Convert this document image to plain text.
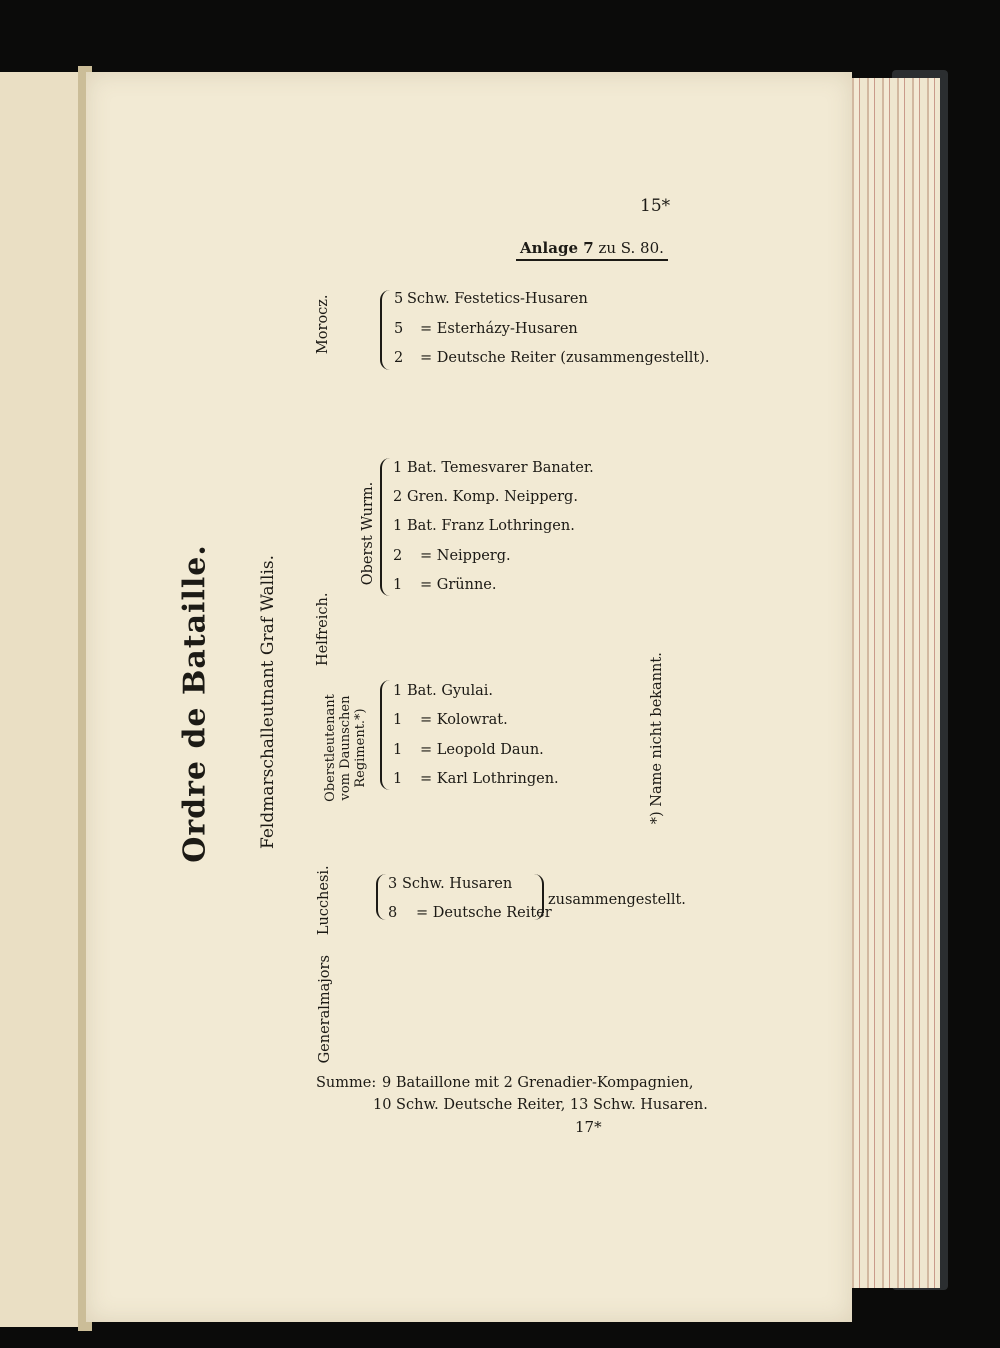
15*
Anlage 7 zu S. 80.
Ordre de Bataille.	Feldmarschalleutnant Graf Wallis.
Morocz.	5 Schw. Festetics-Husaren
5 = Esterházy-Husaren
2 = Deutsche Reiter (zusammengestellt).
Helfreich.
Oberst Wurm.
1 Bat. Temesvarer Banater.
2 Gren. Komp. Neipperg.
1 Bat. Franz Lothringen.
2 = Neipperg.
1 = Grünne.
Oberstleutenant vom Daunschen Regiment.*)
1 Bat. Gyulai.
1 = Kolowrat.
1 = Leopold Daun.
1 = Karl Lothringen.	*) Name nicht bekannt.
Lucchesi.	3 Schw. Husaren
8 = Deutsche Reiter
zusammengestellt.
Generalmajors
Summe: 9 Bataillone mit 2 Grenadier-Kompagnien,
10 Schw. Deutsche Reiter, 13 Schw. Husaren.
17*
